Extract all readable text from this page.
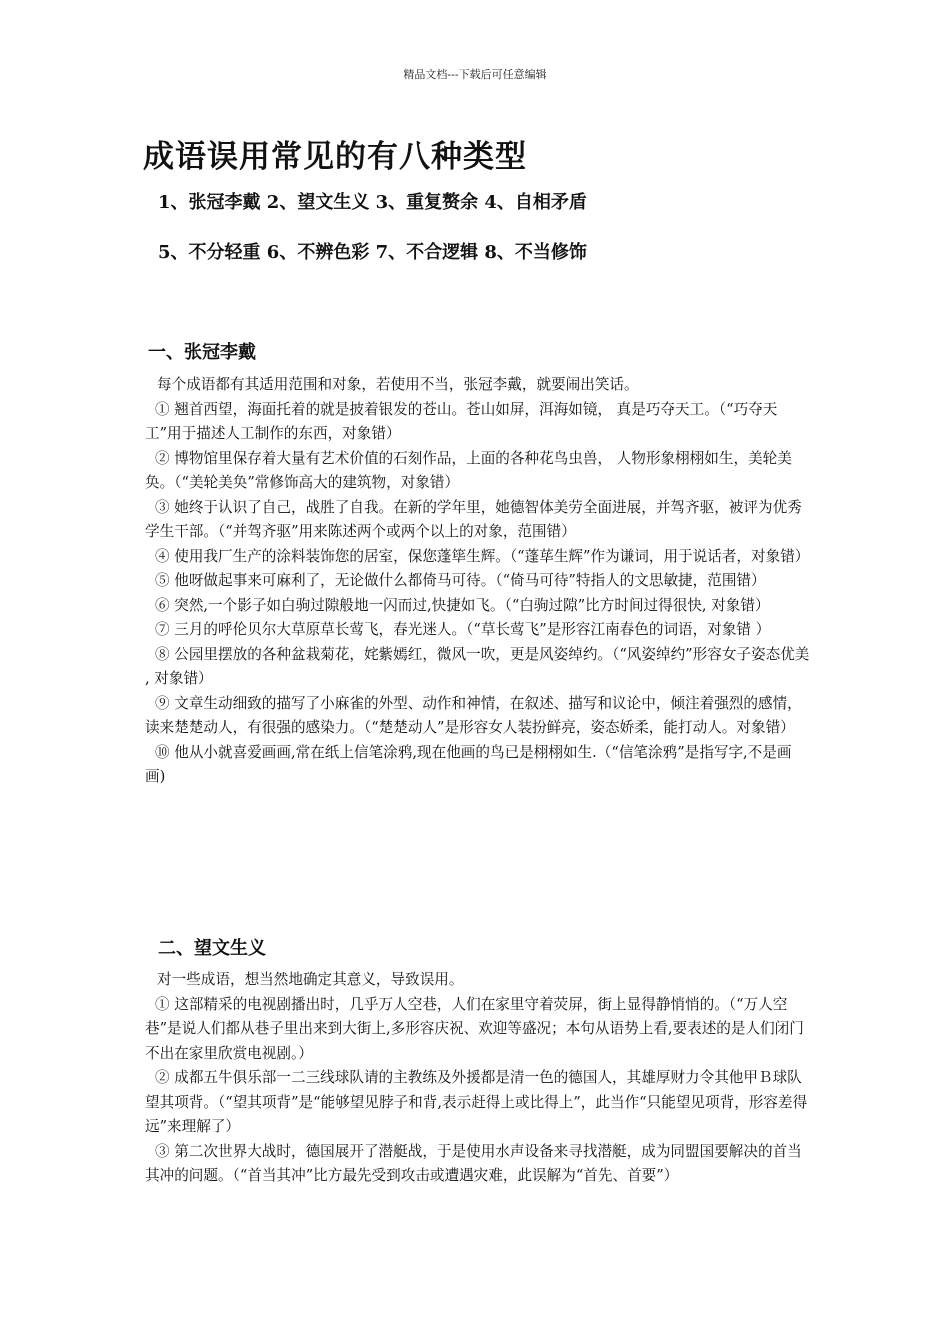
精品文档---下载后可任意编辑
成语误用常见的有八种类型
1、张冠李戴 2、望文生义 3、重复赘余 4、自相矛盾
5、不分轻重 6、不辨色彩 7、不合逻辑 8、不当修饰
一、张冠李戴

每个成语都有其适用范围和对象，若使用不当，张冠李戴，就要闹出笑话。

① 翘首西望，海面托着的就是披着银发的苍山。苍山如屏，洱海如镜， 真是巧夺天工。（“巧夺天工”用于描述人工制作的东西，对象错）

② 博物馆里保存着大量有艺术价值的石刻作品，上面的各种花鸟虫兽， 人物形象栩栩如生，美轮美奂。（“美轮美奂”常修饰高大的建筑物，对象错）

③ 她终于认识了自己，战胜了自我。在新的学年里，她德智体美劳全面进展，并驾齐驱，被评为优秀学生干部。（“并驾齐驱”用来陈述两个或两个以上的对象，范围错）

④ 使用我厂生产的涂料装饰您的居室，保您蓬筚生辉。（“蓬荜生辉”作为谦词，用于说话者，对象错）

⑤ 他呀做起事来可麻利了，无论做什么都倚马可待。（“倚马可待”特指人的文思敏捷，范围错）

⑥ 突然,一个影子如白驹过隙般地一闪而过,快捷如飞。（“白驹过隙”比方时间过得很快, 对象错）

⑦ 三月的呼伦贝尔大草原草长莺飞，春光迷人。（“草长莺飞”是形容江南春色的词语，对象错 ）

⑧ 公园里摆放的各种盆栽菊花，姹紫嫣红，微风一吹，更是风姿绰约。（“风姿绰约”形容女子姿态优美 , 对象错）

⑨ 文章生动细致的描写了小麻雀的外型、动作和神情，在叙述、描写和议论中，倾注着强烈的感情，读来楚楚动人，有很强的感染力。（“楚楚动人”是形容女人装扮鲜亮，姿态娇柔，能打动人。对象错）

⑩ 他从小就喜爱画画,常在纸上信笔涂鸦,现在他画的鸟已是栩栩如生.（“信笔涂鸦”是指写字,不是画画)

二、望文生义

对一些成语，想当然地确定其意义，导致误用。

① 这部精采的电视剧播出时，几乎万人空巷，人们在家里守着荧屏，街上显得静悄悄的。（“万人空巷”是说人们都从巷子里出来到大街上,多形容庆祝、欢迎等盛况；本句从语势上看,要表述的是人们闭门不出在家里欣赏电视剧。）

② 成都五牛俱乐部一二三线球队请的主教练及外援都是清一色的德国人，其雄厚财力令其他甲Ｂ球队望其项背。（“望其项背”是“能够望见脖子和背,表示赶得上或比得上”，此当作“只能望见项背，形容差得远”来理解了）

③ 第二次世界大战时，德国展开了潜艇战，于是使用水声设备来寻找潜艇，成为同盟国要解决的首当其冲的问题。（“首当其冲”比方最先受到攻击或遭遇灾难，此误解为“首先、首要”）
